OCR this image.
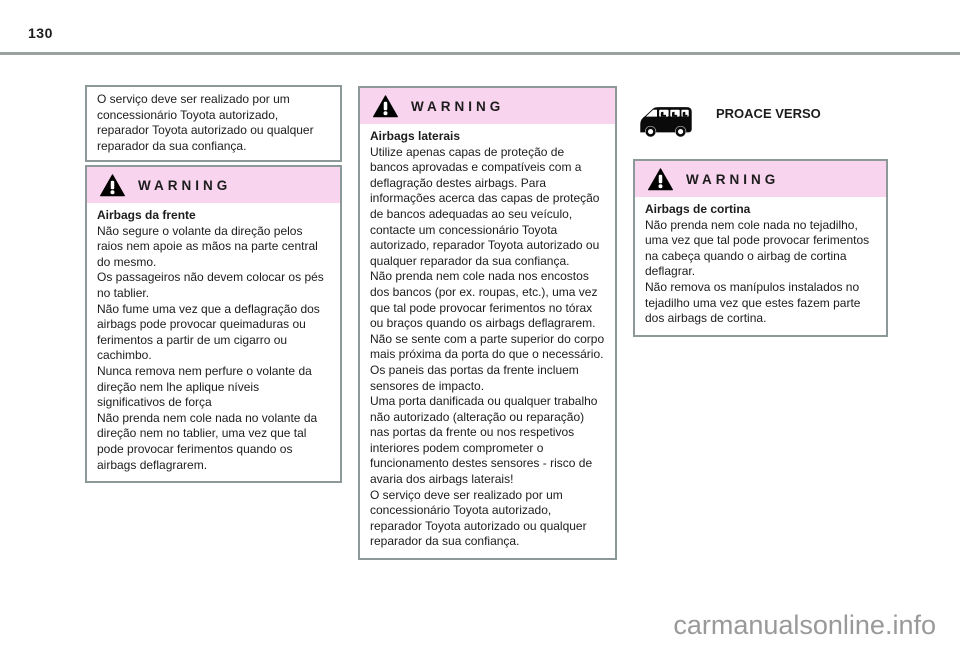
130
O serviço deve ser realizado por um concessionário Toyota autorizado, reparador Toyota autorizado ou qualquer reparador da sua confiança.
WARNING
Airbags da frente

Não segure o volante da direção pelos raios nem apoie as mãos na parte central do mesmo.

Os passageiros não devem colocar os pés no tablier.

Não fume uma vez que a deflagração dos airbags pode provocar queimaduras ou ferimentos a partir de um cigarro ou cachimbo.

Nunca remova nem perfure o volante da direção nem lhe aplique níveis significativos de força

Não prenda nem cole nada no volante da direção nem no tablier, uma vez que tal pode provocar ferimentos quando os airbags deflagrarem.

WARNING
Airbags laterais

Utilize apenas capas de proteção de bancos aprovadas e compatíveis com a deflagração destes airbags. Para informações acerca das capas de proteção de bancos adequadas ao seu veículo, contacte um concessionário Toyota autorizado, reparador Toyota autorizado ou qualquer reparador da sua confiança.

Não prenda nem cole nada nos encostos dos bancos (por ex. roupas, etc.), uma vez que tal pode provocar ferimentos no tórax ou braços quando os airbags deflagrarem.

Não se sente com a parte superior do corpo mais próxima da porta do que o necessário.

Os paneis das portas da frente incluem sensores de impacto.

Uma porta danificada ou qualquer trabalho não autorizado (alteração ou reparação) nas portas da frente ou nos respetivos interiores podem comprometer o funcionamento destes sensores - risco de avaria dos airbags laterais!

O serviço deve ser realizado por um concessionário Toyota autorizado, reparador Toyota autorizado ou qualquer reparador da sua confiança.

PROACE VERSO
WARNING
Airbags de cortina

Não prenda nem cole nada no tejadilho, uma vez que tal pode provocar ferimentos na cabeça quando o airbag de cortina deflagrar.

Não remova os manípulos instalados no tejadilho uma vez que estes fazem parte dos airbags de cortina.

carmanualsonline.info
